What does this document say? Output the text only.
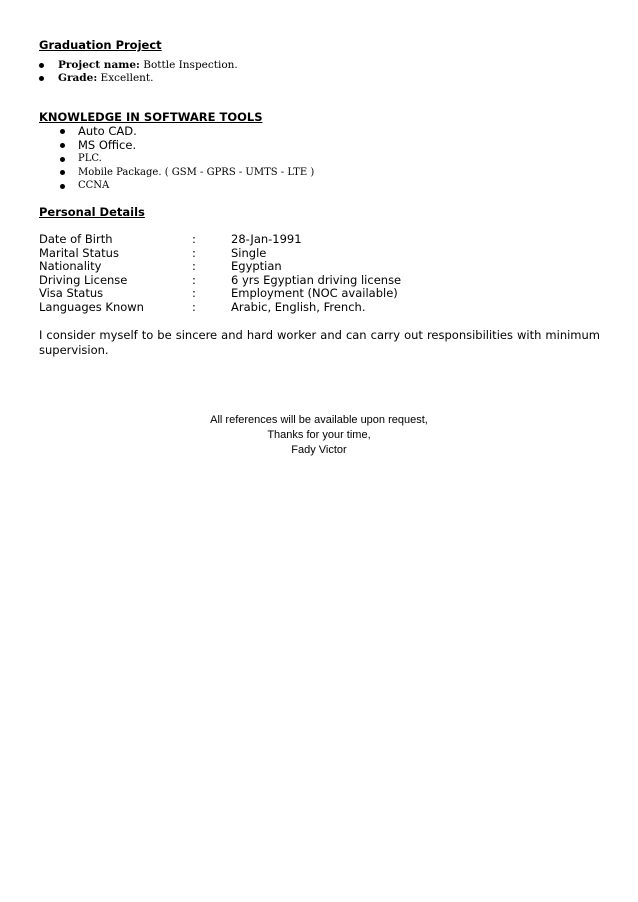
Graduation Project
Project name: Bottle Inspection.
Grade: Excellent.
KNOWLEDGE IN SOFTWARE TOOLS
Auto CAD.
MS Office.
PLC.
Mobile Package. ( GSM - GPRS - UMTS - LTE )
CCNA
Personal Details
Date of Birth	:	28-Jan-1991
Marital Status	:	Single
Nationality	:	Egyptian
Driving License	:	6 yrs Egyptian driving license
Visa Status	:	Employment (NOC available)
Languages Known	:	Arabic, English, French.

I consider myself to be sincere and hard worker and can carry out responsibilities with minimum supervision.

All references will be available upon request,
Thanks for your time,
Fady Victor
